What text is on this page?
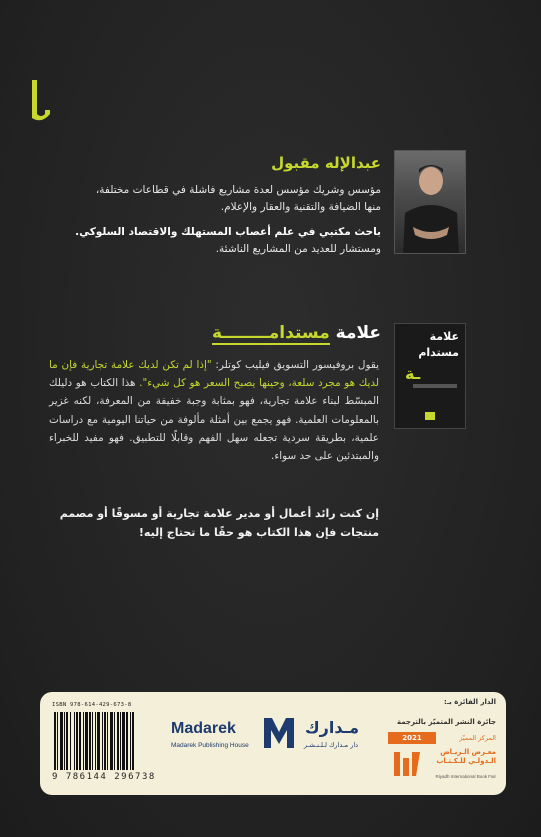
عبدالإله مقبول
مؤسس وشريك مؤسس لعدة مشاريع فاشلة في قطاعات مختلفة،
منها الضيافة والتقنية والعقار والإعلام.
باحث مكتبي في علم أعصاب المستهلك والاقتصاد السلوكي.
ومستشار للعديد من المشاريع الناشئة.
علامة
مستدام
ـة
علامة مستدامــــــــة
يقول بروفيسور التسويق فيليب كوتلر: "إذا لم تكن لديك علامة تجارية فإن ما لديك هو مجرد سلعة، وحينها يصبح السعر هو كل شيء". هذا الكتاب هو دليلك المبسّط لبناء علامة تجارية، فهو بمثابة وجبة خفيفة من المعرفة، لكنه غزير بالمعلومات العلمية. فهو يجمع بين أمثلة مألوفة من حياتنا اليومية مع دراسات علمية، بطريقة سردية تجعله سهل الفهم وقابلًا للتطبيق. فهو مفيد للخبراء والمبتدئين على حد سواء.
إن كنت رائد أعمال أو مدير علامة تجارية أو مسوقًا أو مصمم منتجات فإن هذا الكتاب هو حقًا ما تحتاج إليه!
ISBN 978-614-429-673-8
9 786144 296738
Madarek
Madarek Publishing House
مـدارك
دار مـدارك لـلـنـشـر
الدار الفائزة بـ:
جائزة النشر المتميّز بالترجمة
2021	المركز المميّز
معـرض الـريـاض الـدولـي للـكـتـاب
Riyadh International Book Fair
